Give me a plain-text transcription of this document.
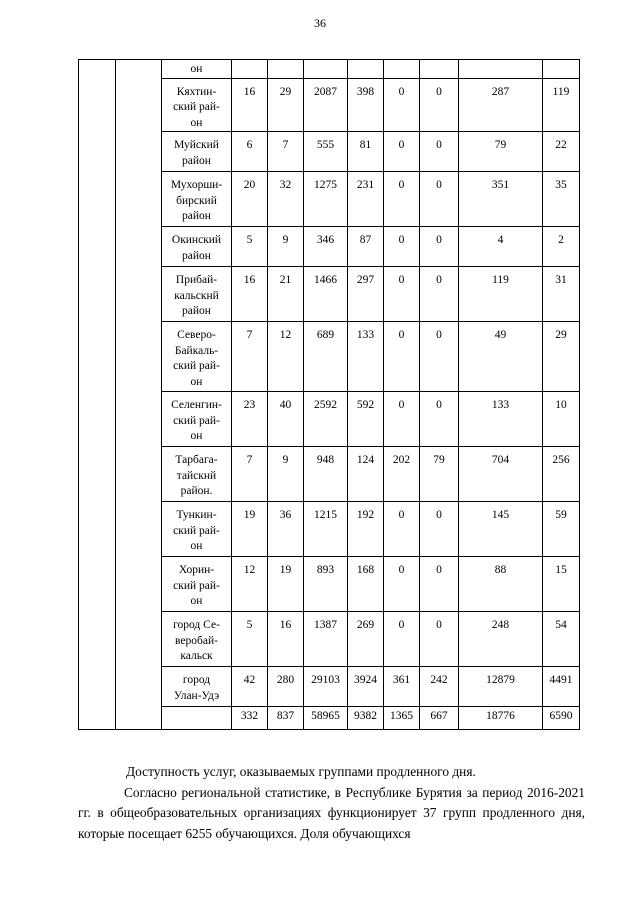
36
		он								
		Кяхтин-
ский рай-
он	16	29	2087	398	0	0	287	119
		Муйский
район	6	7	555	81	0	0	79	22
		Мухорши-
бирский
район	20	32	1275	231	0	0	351	35
		Окинский
район	5	9	346	87	0	0	4	2
		Прибай-
кальскнй
район	16	21	1466	297	0	0	119	31
		Северо-
Байкаль-
ский рай-
он	7	12	689	133	0	0	49	29
		Селенгин-
ский рай-
он	23	40	2592	592	0	0	133	10
		Тарбага-
тайскнй
район.	7	9	948	124	202	79	704	256
		Тункин-
ский рай-
он	19	36	1215	192	0	0	145	59
		Хорин-
ский рай-
он	12	19	893	168	0	0	88	15
		город Се-
веробай-
кальск	5	16	1387	269	0	0	248	54
		город
Улан-Удэ	42	280	29103	3924	361	242	12879	4491
			332	837	58965	9382	1365	667	18776	6590

Доступность услуг, оказываемых группами продленного дня.

Согласно региональной статистике, в Республике Бурятия за период 2016-2021 гг. в общеобразовательных организациях функционирует 37 групп продленного дня, которые посещает 6255 обучающихся. Доля обучающихся
